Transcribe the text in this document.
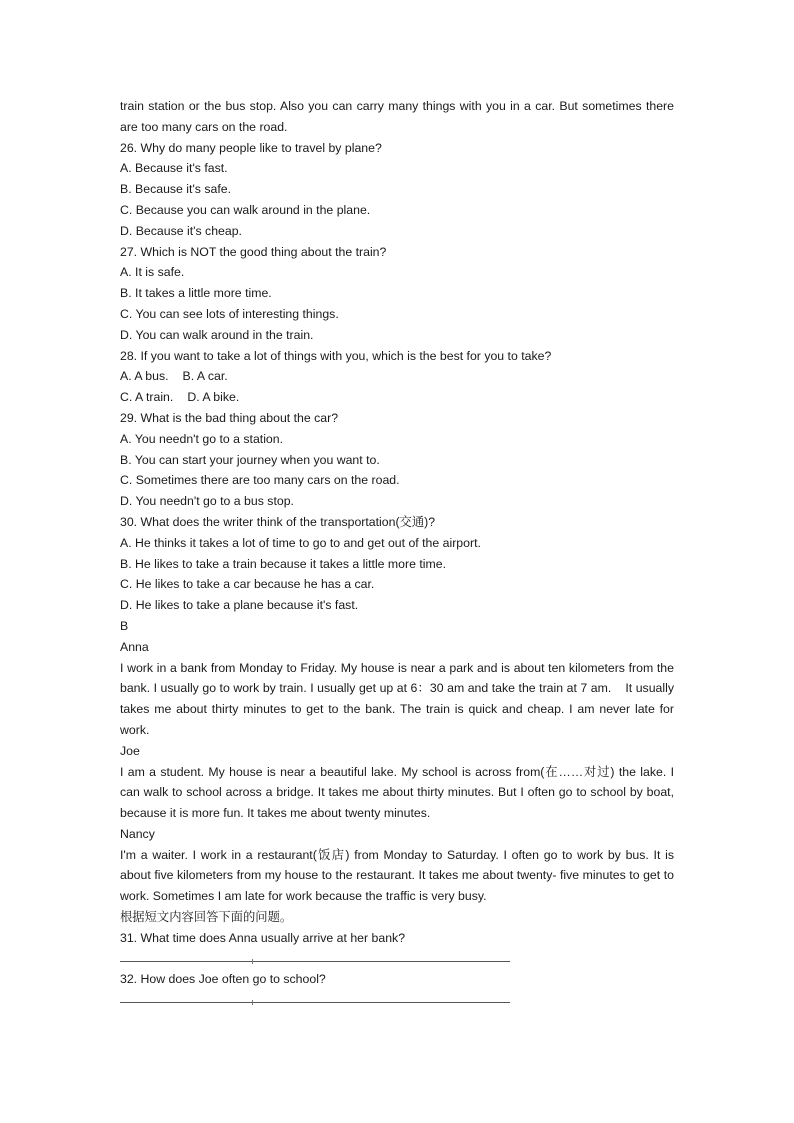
train station or the bus stop. Also you can carry many things with you in a car. But sometimes there are too many cars on the road.
26. Why do many people like to travel by plane?
A. Because it's fast.
B. Because it's safe.
C. Because you can walk around in the plane.
D. Because it's cheap.
27. Which is NOT the good thing about the train?
A. It is safe.
B. It takes a little more time.
C. You can see lots of interesting things.
D. You can walk around in the train.
28. If you want to take a lot of things with you, which is the best for you to take?
A. A bus. B. A car.
C. A train. D. A bike.
29. What is the bad thing about the car?
A. You needn't go to a station.
B. You can start your journey when you want to.
C. Sometimes there are too many cars on the road.
D. You needn't go to a bus stop.
30. What does the writer think of the transportation(交通)?
A. He thinks it takes a lot of time to go to and get out of the airport.
B. He likes to take a train because it takes a little more time.
C. He likes to take a car because he has a car.
D. He likes to take a plane because it's fast.
B
Anna
I work in a bank from Monday to Friday. My house is near a park and is about ten kilometers from the bank. I usually go to work by train. I usually get up at 6：30 am and take the train at 7 am.    It usually takes me about thirty minutes to get to the bank. The train is quick and cheap. I am never late for work.
Joe
I am a student. My house is near a beautiful lake. My school is across from(在……对过) the lake. I can walk to school across a bridge. It takes me about thirty minutes. But I often go to school by boat, because it is more fun. It takes me about twenty minutes.
Nancy
I'm a waiter. I work in a restaurant(饭店) from Monday to Saturday. I often go to work by bus. It is about five kilometers from my house to the restaurant. It takes me about twenty- five minutes to get to work. Sometimes I am late for work because the traffic is very busy.
根据短文内容回答下面的问题。
31. What time does Anna usually arrive at her bank?
32. How does Joe often go to school?
